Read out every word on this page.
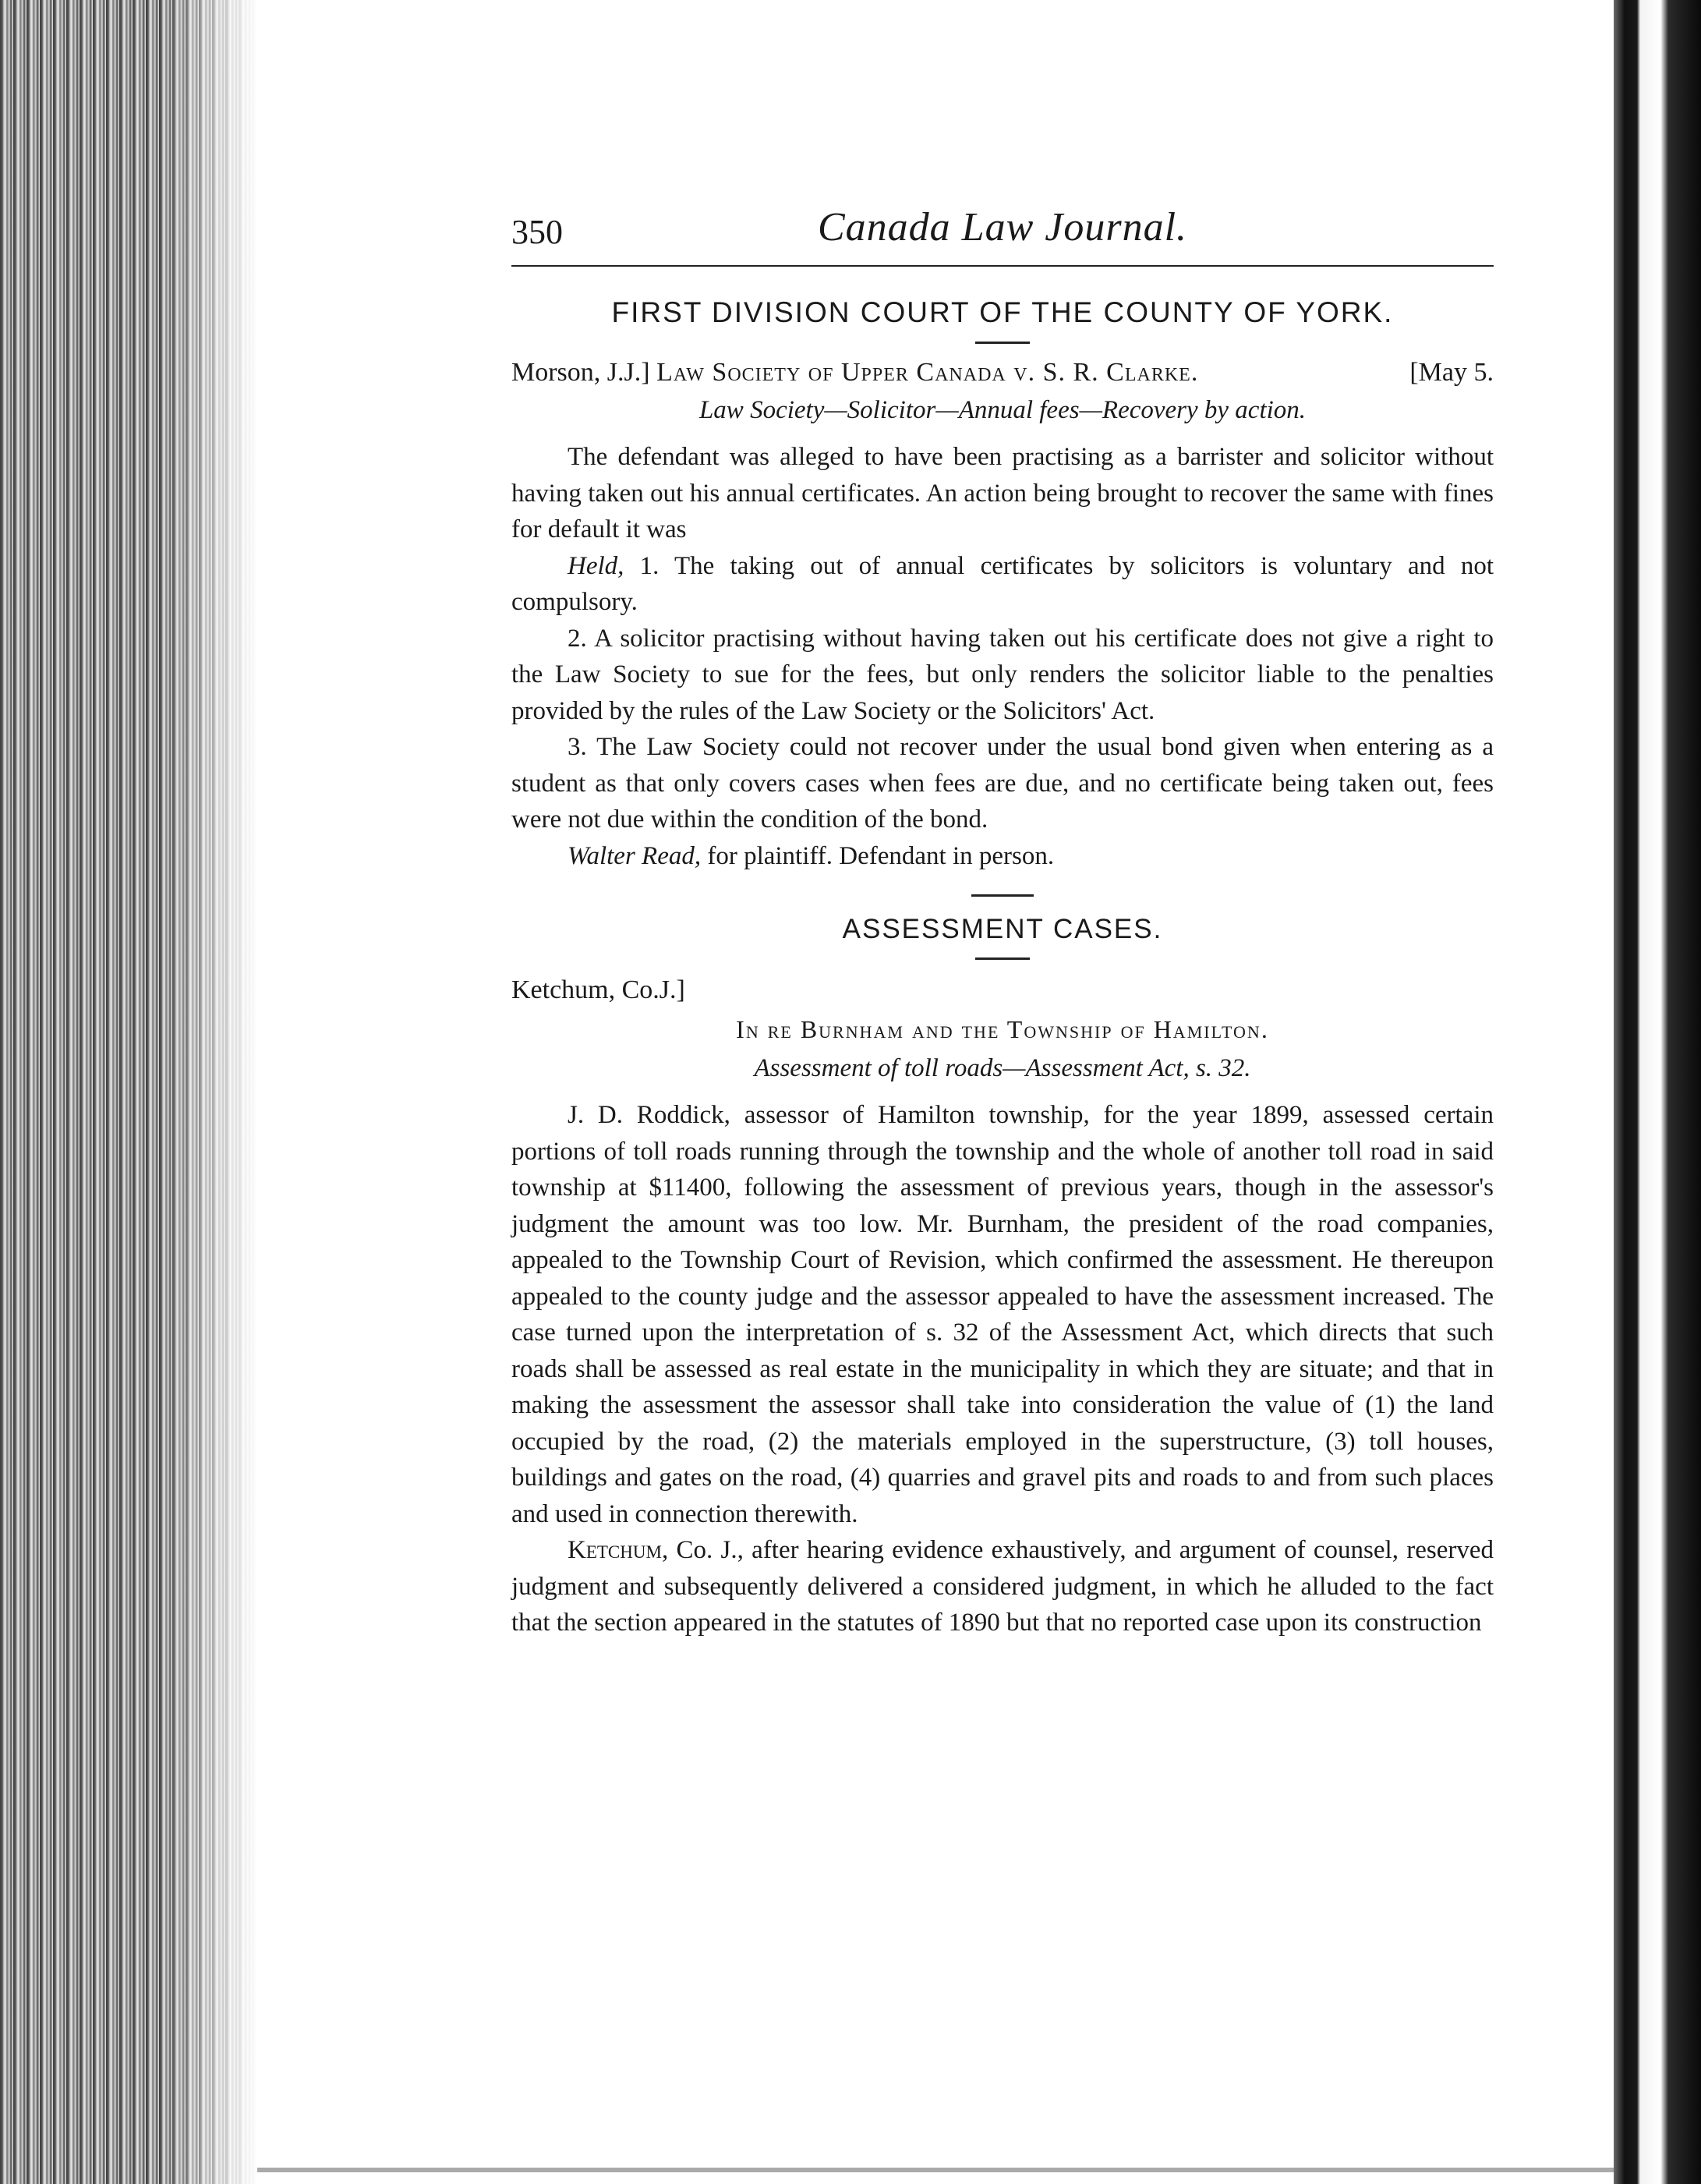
350	Canada Law Journal.
FIRST DIVISION COURT OF THE COUNTY OF YORK.
Morson, J.J.] Law Society of Upper Canada v. S. R. Clarke.	[May 5.
Law Society—Solicitor—Annual fees—Recovery by action.

The defendant was alleged to have been practising as a barrister and solicitor without having taken out his annual certificates. An action being brought to recover the same with fines for default it was

Held, 1. The taking out of annual certificates by solicitors is voluntary and not compulsory.

2. A solicitor practising without having taken out his certificate does not give a right to the Law Society to sue for the fees, but only renders the solicitor liable to the penalties provided by the rules of the Law Society or the Solicitors' Act.

3. The Law Society could not recover under the usual bond given when entering as a student as that only covers cases when fees are due, and no certificate being taken out, fees were not due within the condition of the bond.

Walter Read, for plaintiff. Defendant in person.

ASSESSMENT CASES.
Ketchum, Co.J.]
In re Burnham and the Township of Hamilton.
Assessment of toll roads—Assessment Act, s. 32.

J. D. Roddick, assessor of Hamilton township, for the year 1899, assessed certain portions of toll roads running through the township and the whole of another toll road in said township at $11400, following the assessment of previous years, though in the assessor's judgment the amount was too low. Mr. Burnham, the president of the road companies, appealed to the Township Court of Revision, which confirmed the assessment. He thereupon appealed to the county judge and the assessor appealed to have the assessment increased. The case turned upon the interpretation of s. 32 of the Assessment Act, which directs that such roads shall be assessed as real estate in the municipality in which they are situate; and that in making the assessment the assessor shall take into consideration the value of (1) the land occupied by the road, (2) the materials employed in the superstructure, (3) toll houses, buildings and gates on the road, (4) quarries and gravel pits and roads to and from such places and used in connection therewith.

Ketchum, Co. J., after hearing evidence exhaustively, and argument of counsel, reserved judgment and subsequently delivered a considered judgment, in which he alluded to the fact that the section appeared in the statutes of 1890 but that no reported case upon its construction
